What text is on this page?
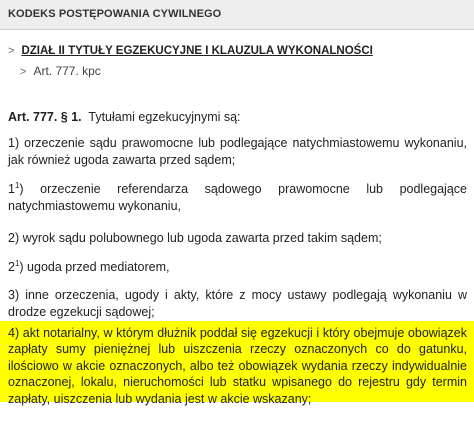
KODEKS POSTĘPOWANIA CYWILNEGO
> DZIAŁ II TYTUŁY EGZEKUCYJNE I KLAUZULA WYKONALNOŚCI
> Art. 777. kpc
Art. 777. § 1. Tytułami egzekucyjnymi są:
1) orzeczenie sądu prawomocne lub podlegające natychmiastowemu wykonaniu, jak również ugoda zawarta przed sądem;
$1^1$) orzeczenie referendarza sądowego prawomocne lub podlegające natychmiastowemu wykonaniu,
2) wyrok sądu polubownego lub ugoda zawarta przed takim sądem;
$2^1$) ugoda przed mediatorem,
3) inne orzeczenia, ugody i akty, które z mocy ustawy podlegają wykonaniu w drodze egzekucji sądowej;
4) akt notarialny, w którym dłużnik poddał się egzekucji i który obejmuje obowiązek zapłaty sumy pieniężnej lub uiszczenia rzeczy oznaczonych co do gatunku, ilościowo w akcie oznaczonych, albo też obowiązek wydania rzeczy indywidualnie oznaczonej, lokalu, nieruchomości lub statku wpisanego do rejestru gdy termin zapłaty, uiszczenia lub wydania jest w akcie wskazany;
